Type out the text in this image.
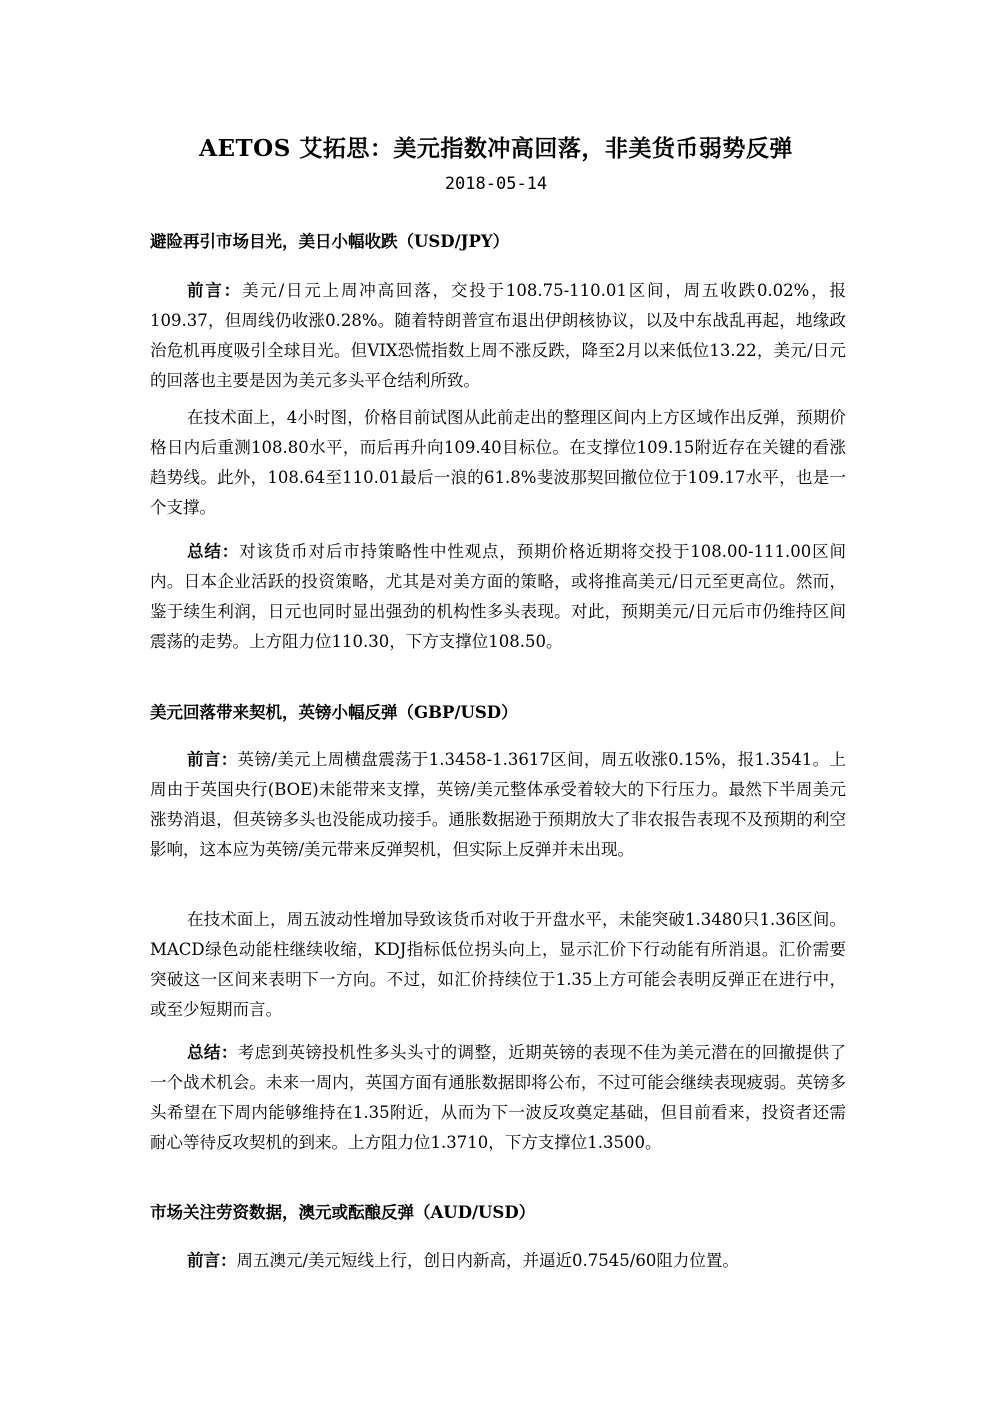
AETOS 艾拓思：美元指数冲高回落，非美货币弱势反弹
2018-05-14
避险再引市场目光，美日小幅收跌（USD/JPY）
前言：美元/日元上周冲高回落，交投于108.75-110.01区间，周五收跌0.02%，报109.37，但周线仍收涨0.28%。随着特朗普宣布退出伊朗核协议，以及中东战乱再起，地缘政治危机再度吸引全球目光。但VIX恐慌指数上周不涨反跌，降至2月以来低位13.22，美元/日元的回落也主要是因为美元多头平仓结利所致。
在技术面上，4小时图，价格目前试图从此前走出的整理区间内上方区域作出反弹，预期价格日内后重测108.80水平，而后再升向109.40目标位。在支撑位109.15附近存在关键的看涨趋势线。此外，108.64至110.01最后一浪的61.8%斐波那契回撤位位于109.17水平，也是一个支撑。
总结：对该货币对后市持策略性中性观点，预期价格近期将交投于108.00-111.00区间内。日本企业活跃的投资策略，尤其是对美方面的策略，或将推高美元/日元至更高位。然而，鉴于续生利润，日元也同时显出强劲的机构性多头表现。对此，预期美元/日元后市仍维持区间震荡的走势。上方阻力位110.30，下方支撑位108.50。
美元回落带来契机，英镑小幅反弹（GBP/USD）
前言：英镑/美元上周横盘震荡于1.3458-1.3617区间，周五收涨0.15%，报1.3541。上周由于英国央行(BOE)未能带来支撑，英镑/美元整体承受着较大的下行压力。最然下半周美元涨势消退，但英镑多头也没能成功接手。通胀数据逊于预期放大了非农报告表现不及预期的利空影响，这本应为英镑/美元带来反弹契机，但实际上反弹并未出现。
在技术面上，周五波动性增加导致该货币对收于开盘水平，未能突破1.3480只1.36区间。MACD绿色动能柱继续收缩，KDJ指标低位拐头向上，显示汇价下行动能有所消退。汇价需要突破这一区间来表明下一方向。不过，如汇价持续位于1.35上方可能会表明反弹正在进行中，或至少短期而言。
总结：考虑到英镑投机性多头头寸的调整，近期英镑的表现不佳为美元潜在的回撤提供了一个战术机会。未来一周内，英国方面有通胀数据即将公布，不过可能会继续表现疲弱。英镑多头希望在下周内能够维持在1.35附近，从而为下一波反攻奠定基础，但目前看来，投资者还需耐心等待反攻契机的到来。上方阻力位1.3710，下方支撑位1.3500。
市场关注劳资数据，澳元或酝酿反弹（AUD/USD）
前言：周五澳元/美元短线上行，创日内新高，并逼近0.7545/60阻力位置。
